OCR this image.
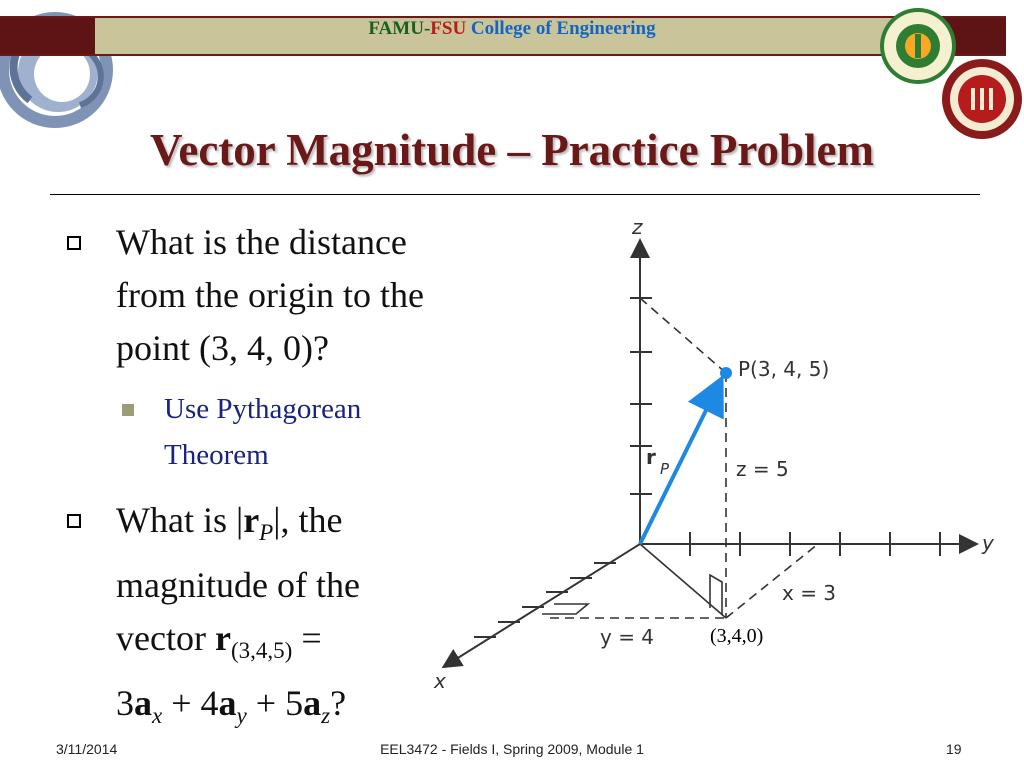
FAMU-FSU College of Engineering
Vector Magnitude – Practice Problem
What is the distance
from the origin to the
point (3, 4, 0)?
Use Pythagorean
Theorem
What is $|r_P|$, the
magnitude of the
vector $r_{(3,4,5)}$ =
$3a_x + 4a_y + 5a_z$?
z
y
x
P(3, 4, 5)
z = 5
x = 3
y = 4
r P
(3,4,0)
3/11/2014	EEL3472 - Fields I, Spring 2009, Module 1	19
